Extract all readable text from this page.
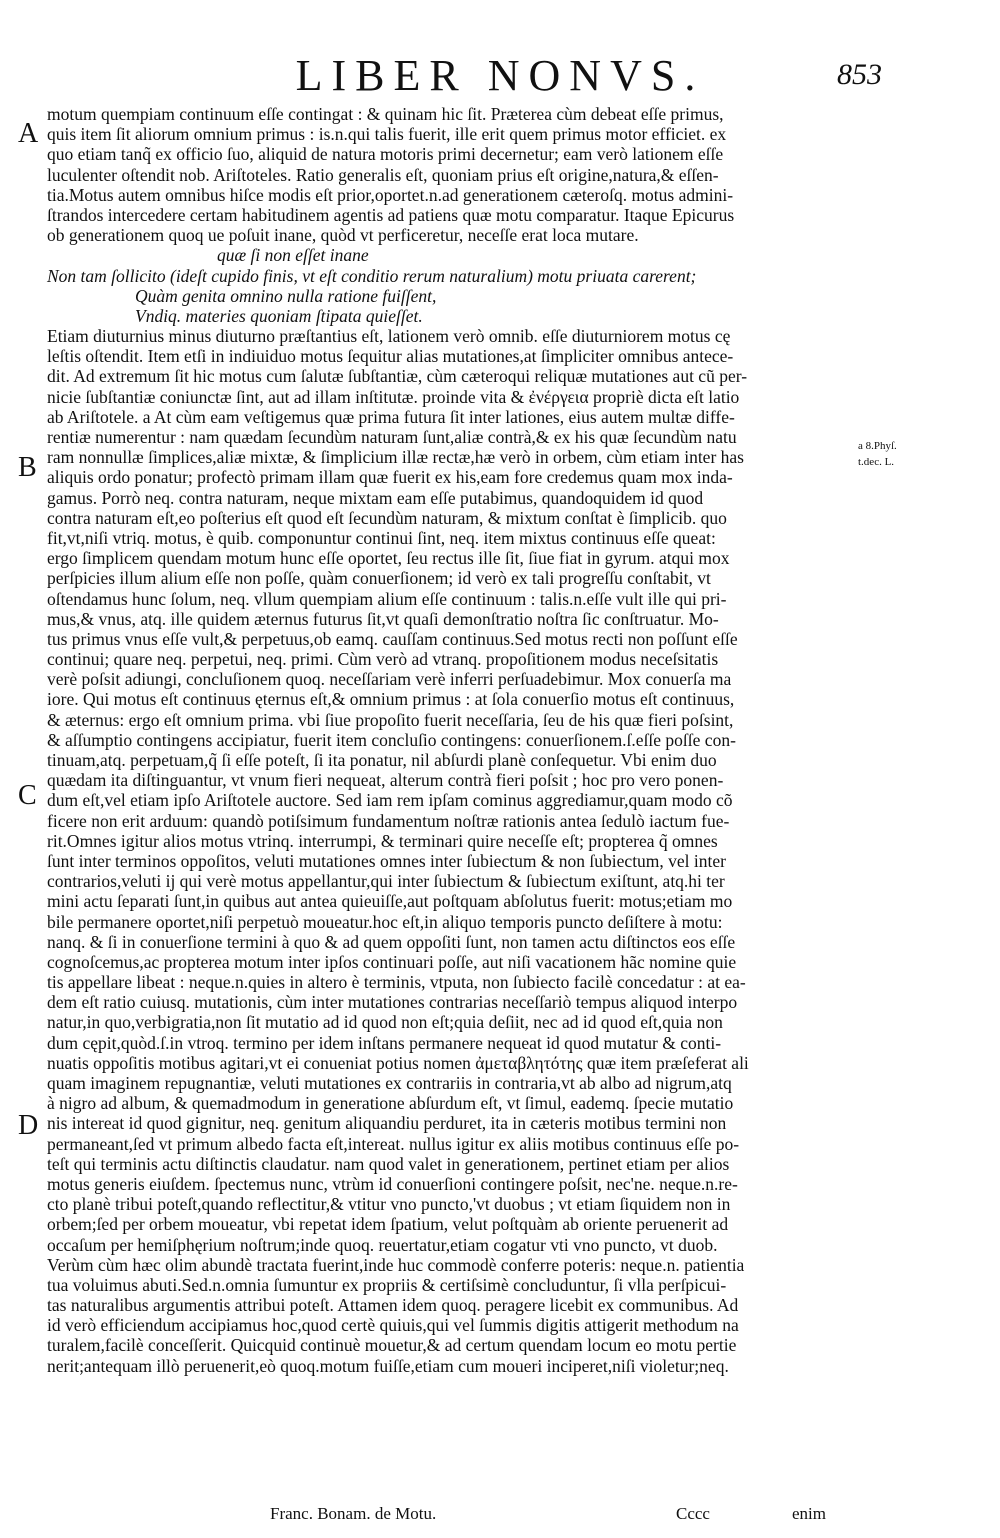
LIBER NONVS.	853
A
B
C
D
a 8.Phyſ.
t.dec. L.
motum quempiam continuum eſſe contingat : & quinam hic ſit. Præterea cùm debeat eſſe primus,
quis item ſit aliorum omnium primus : is.n.qui talis fuerit, ille erit quem primus motor efficiet. ex
quo etiam tanq̃ ex officio ſuo, aliquid de natura motoris primi decernetur; eam verò lationem eſſe
luculenter oſtendit nob. Ariſtoteles. Ratio generalis eſt, quoniam prius eſt origine,natura,& eſſen-
tia.Motus autem omnibus hiſce modis eſt prior,oportet.n.ad generationem cæteroſq. motus admini-
ſtrandos intercedere certam habitudinem agentis ad patiens quæ motu comparatur. Itaque Epicurus
ob generationem quoq ue poſuit inane, quòd vt perficeretur, neceſſe erat loca mutare.
quæ ſi non eſſet inane
Non tam ſollicito (ideſt cupido finis, vt eſt conditio rerum naturalium) motu priuata carerent;
Quàm genita omnino nulla ratione fuiſſent,
Vndiq. materies quoniam ſtipata quieſſet.
Etiam diuturnius minus diuturno præſtantius eſt, lationem verò omnib. eſſe diuturniorem motus cę
leſtis oſtendit. Item etſi in indiuiduo motus ſequitur alias mutationes,at ſimpliciter omnibus antece-
dit. Ad extremum ſit hic motus cum ſalutæ ſubſtantiæ, cùm cæteroqui reliquæ mutationes aut cũ per-
nicie ſubſtantiæ coniunctæ ſint, aut ad illam inſtitutæ. proinde vita & ἐνέργεια propriè dicta eſt latio
ab Ariſtotele. a At cùm eam veſtigemus quæ prima futura ſit inter lationes, eius autem multæ diffe-
rentiæ numerentur : nam quædam ſecundùm naturam ſunt,aliæ contrà,& ex his quæ ſecundùm natu
ram nonnullæ ſimplices,aliæ mixtæ, & ſimplicium illæ rectæ,hæ verò in orbem, cùm etiam inter has
aliquis ordo ponatur; profectò primam illam quæ fuerit ex his,eam fore credemus quam mox inda-
gamus. Porrò neq. contra naturam, neque mixtam eam eſſe putabimus, quandoquidem id quod
contra naturam eſt,eo poſterius eſt quod eſt ſecundùm naturam, & mixtum conſtat è ſimplicib. quo
fit,vt,niſi vtriq. motus, è quib. componuntur continui ſint, neq. item mixtus continuus eſſe queat:
ergo ſimplicem quendam motum hunc eſſe oportet, ſeu rectus ille ſit, ſiue fiat in gyrum. atqui mox
perſpicies illum alium eſſe non poſſe, quàm conuerſionem; id verò ex tali progreſſu conſtabit, vt
oſtendamus hunc ſolum, neq. vllum quempiam alium eſſe continuum : talis.n.eſſe vult ille qui pri-
mus,& vnus, atq. ille quidem æternus futurus ſit,vt quaſi demonſtratio noſtra ſic conſtruatur. Mo-
tus primus vnus eſſe vult,& perpetuus,ob eamq. cauſſam continuus.Sed motus recti non poſſunt eſſe
continui; quare neq. perpetui, neq. primi. Cùm verò ad vtranq. propoſitionem modus neceſsitatis
verè poſsit adiungi, concluſionem quoq. neceſſariam verè inferri perſuadebimur. Mox conuerſa ma
iore. Qui motus eſt continuus ęternus eſt,& omnium primus : at ſola conuerſio motus eſt continuus,
& æternus: ergo eſt omnium prima. vbi ſiue propoſito fuerit neceſſaria, ſeu de his quæ fieri poſsint,
& aſſumptio contingens accipiatur, fuerit item concluſio contingens: conuerſionem.ſ.eſſe poſſe con-
tinuam,atq. perpetuam,q̃ ſi eſſe poteſt, ſi ita ponatur, nil abſurdi planè conſequetur. Vbi enim duo
quædam ita diſtinguantur, vt vnum fieri nequeat, alterum contrà fieri poſsit ; hoc pro vero ponen-
dum eſt,vel etiam ipſo Ariſtotele auctore. Sed iam rem ipſam cominus aggrediamur,quam modo cõ
ficere non erit arduum: quandò potiſsimum fundamentum noſtræ rationis antea ſedulò iactum fue-
rit.Omnes igitur alios motus vtrinq. interrumpi, & terminari quire neceſſe eſt; propterea q̃ omnes
ſunt inter terminos oppoſitos, veluti mutationes omnes inter ſubiectum & non ſubiectum, vel inter
contrarios,veluti ij qui verè motus appellantur,qui inter ſubiectum & ſubiectum exiſtunt, atq.hi ter
mini actu ſeparati ſunt,in quibus aut antea quieuiſſe,aut poſtquam abſolutus fuerit: motus;etiam mo
bile permanere oportet,niſi perpetuò moueatur.hoc eſt,in aliquo temporis puncto deſiſtere à motu:
nanq. & ſi in conuerſione termini à quo & ad quem oppoſiti ſunt, non tamen actu diſtinctos eos eſſe
cognoſcemus,ac propterea motum inter ipſos continuari poſſe, aut niſi vacationem hãc nomine quie
tis appellare libeat : neque.n.quies in altero è terminis, vtputa, non ſubiecto facilè concedatur : at ea-
dem eſt ratio cuiusq. mutationis, cùm inter mutationes contrarias neceſſariò tempus aliquod interpo
natur,in quo,verbigratia,non ſit mutatio ad id quod non eſt;quia deſiit, nec ad id quod eſt,quia non
dum cępit,quòd.ſ.in vtroq. termino per idem inſtans permanere nequeat id quod mutatur & conti-
nuatis oppoſitis motibus agitari,vt ei conueniat potius nomen ἀμεταβλητότης quæ item præſeferat ali
quam imaginem repugnantiæ, veluti mutationes ex contrariis in contraria,vt ab albo ad nigrum,atq
à nigro ad album, & quemadmodum in generatione abſurdum eſt, vt ſimul, eademq. ſpecie mutatio
nis intereat id quod gignitur, neq. genitum aliquandiu perduret, ita in cæteris motibus termini non
permaneant,ſed vt primum albedo facta eſt,intereat. nullus igitur ex aliis motibus continuus eſſe po-
teſt qui terminis actu diſtinctis claudatur. nam quod valet in generationem, pertinet etiam per alios
motus generis eiuſdem. ſpectemus nunc, vtrùm id conuerſioni contingere poſsit, nec'ne. neque.n.re-
cto planè tribui poteſt,quando reflectitur,& vtitur vno puncto,'vt duobus ; vt etiam ſiquidem non in
orbem;ſed per orbem moueatur, vbi repetat idem ſpatium, velut poſtquàm ab oriente peruenerit ad
occaſum per hemiſphęrium noſtrum;inde quoq. reuertatur,etiam cogatur vti vno puncto, vt duob.
Verùm cùm hæc olim abundè tractata fuerint,inde huc commodè conferre poteris: neque.n. patientia
tua voluimus abuti.Sed.n.omnia ſumuntur ex propriis & certiſsimè concluduntur, ſi vlla perſpicui-
tas naturalibus argumentis attribui poteſt. Attamen idem quoq. peragere licebit ex communibus. Ad
id verò efficiendum accipiamus hoc,quod certè quiuis,qui vel ſummis digitis attigerit methodum na
turalem,facilè conceſſerit. Quicquid continuè mouetur,& ad certum quendam locum eo motu pertie
nerit;antequam illò peruenerit,eò quoq.motum fuiſſe,etiam cum moueri inciperet,niſi violetur;neq.
Franc. Bonam. de Motu.	Cccc	enim
